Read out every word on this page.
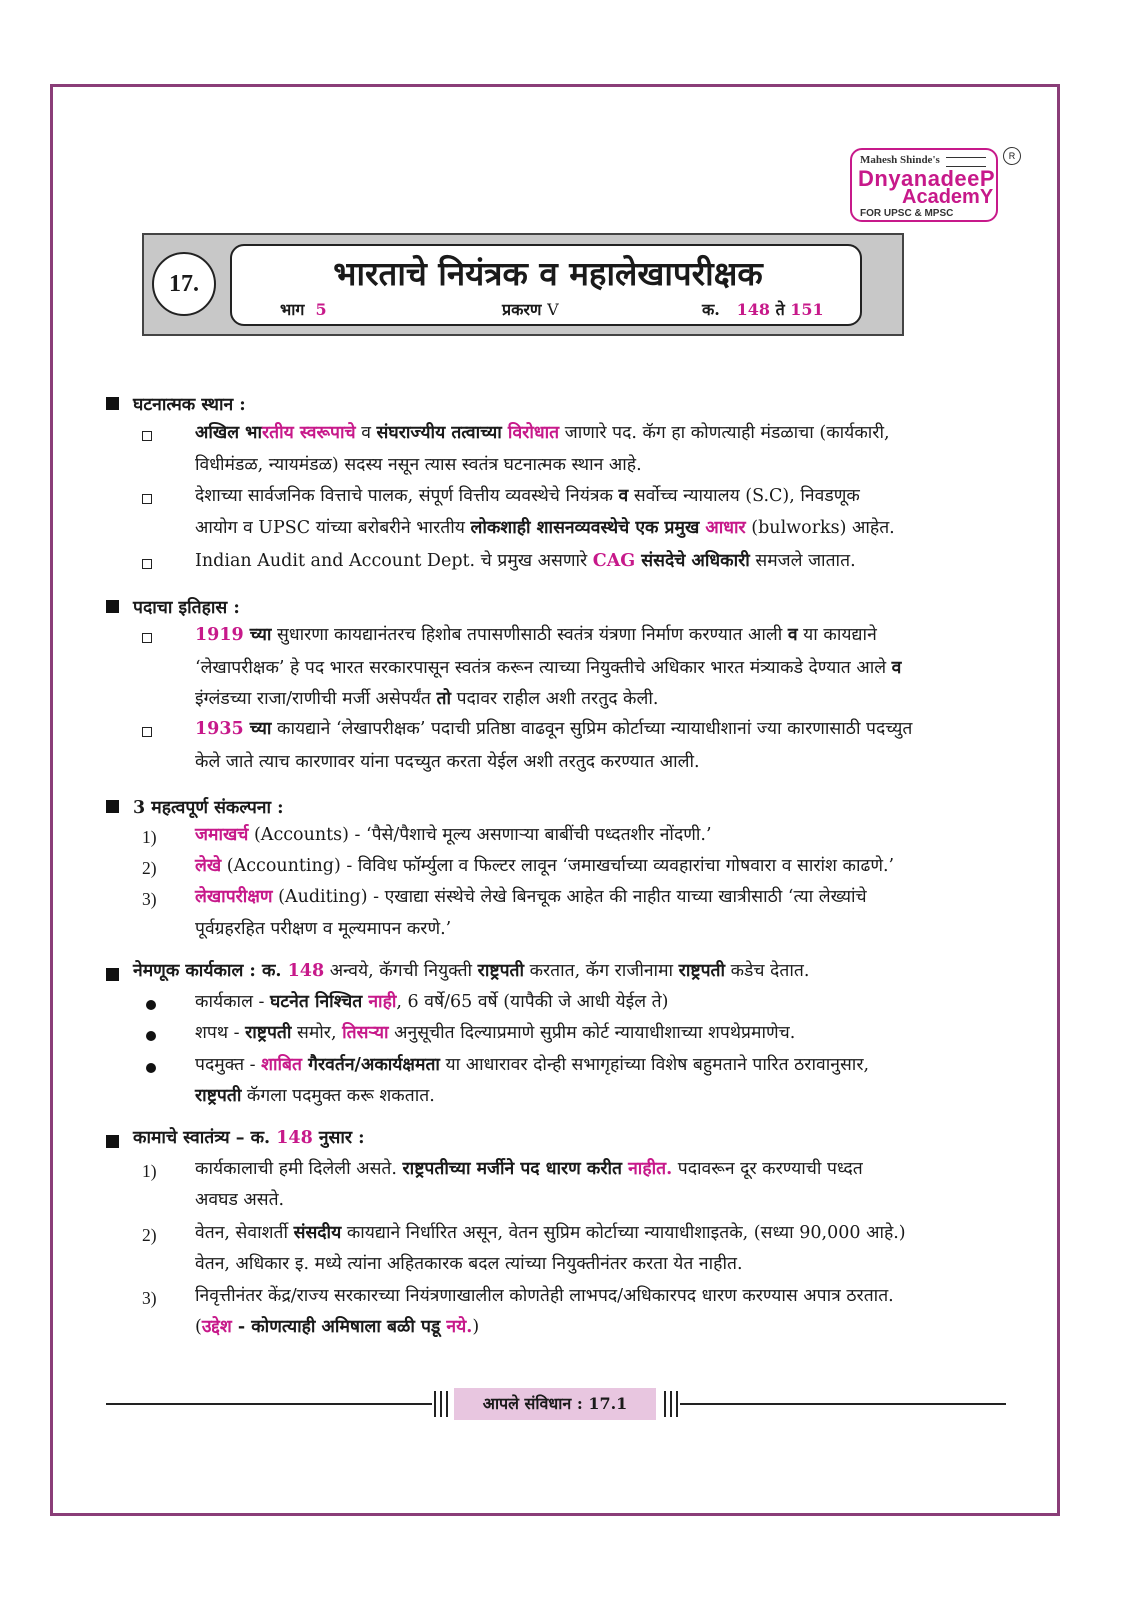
Mahesh Shinde's
DnyanadeeP
AcademY
FOR UPSC & MPSC
R
17.	भारताचे नियंत्रक व महालेखापरीक्षक
भाग 5	प्रकरण V	क. 148 ते 151
घटनात्मक स्थान :
अखिल भारतीय स्वरूपाचे व संघराज्यीय तत्वाच्या विरोधात जाणारे पद. कॅग हा कोणत्याही मंडळाचा (कार्यकारी,
विधीमंडळ, न्यायमंडळ) सदस्य नसून त्यास स्वतंत्र घटनात्मक स्थान आहे.
देशाच्या सार्वजनिक वित्ताचे पालक, संपूर्ण वित्तीय व्यवस्थेचे नियंत्रक व सर्वोच्च न्यायालय (S.C), निवडणूक
आयोग व UPSC यांच्या बरोबरीने भारतीय लोकशाही शासनव्यवस्थेचे एक प्रमुख आधार (bulworks) आहेत.
Indian Audit and Account Dept. चे प्रमुख असणारे CAG संसदेचे अधिकारी समजले जातात.
पदाचा इतिहास :
1919 च्या सुधारणा कायद्यानंतरच हिशोब तपासणीसाठी स्वतंत्र यंत्रणा निर्माण करण्यात आली व या कायद्याने
‘लेखापरीक्षक’ हे पद भारत सरकारपासून स्वतंत्र करून त्याच्या नियुक्तीचे अधिकार भारत मंत्र्याकडे देण्यात आले व
इंग्लंडच्या राजा/राणीची मर्जी असेपर्यंत तो पदावर राहील अशी तरतुद केली.
1935 च्या कायद्याने ‘लेखापरीक्षक’ पदाची प्रतिष्ठा वाढवून सुप्रिम कोर्टाच्या न्यायाधीशानां ज्या कारणासाठी पदच्युत
केले जाते त्याच कारणावर यांना पदच्युत करता येईल अशी तरतुद करण्यात आली.
3 महत्वपूर्ण संकल्पना :
1) जमाखर्च (Accounts) - ‘पैसे/पैशाचे मूल्य असणाऱ्या बाबींची पध्दतशीर नोंदणी.’
2) लेखे (Accounting) - विविध फॉर्म्युला व फिल्टर लावून ‘जमाखर्चाच्या व्यवहारांचा गोषवारा व सारांश काढणे.’
3) लेखापरीक्षण (Auditing) - एखाद्या संस्थेचे लेखे बिनचूक आहेत की नाहीत याच्या खात्रीसाठी ‘त्या लेख्यांचे
पूर्वग्रहरहित परीक्षण व मूल्यमापन करणे.’
नेमणूक कार्यकाल : क. 148 अन्वये, कॅगची नियुक्ती राष्ट्रपती करतात, कॅग राजीनामा राष्ट्रपती कडेच देतात.
कार्यकाल - घटनेत निश्चित नाही, 6 वर्षे/65 वर्षे (यापैकी जे आधी येईल ते)
शपथ - राष्ट्रपती समोर, तिसऱ्या अनुसूचीत दिल्याप्रमाणे सुप्रीम कोर्ट न्यायाधीशाच्या शपथेप्रमाणेच.
पदमुक्त - शाबित गैरवर्तन/अकार्यक्षमता या आधारावर दोन्ही सभागृहांच्या विशेष बहुमताने पारित ठरावानुसार,
राष्ट्रपती कॅगला पदमुक्त करू शकतात.
कामाचे स्वातंत्र्य – क. 148 नुसार :
1) कार्यकालाची हमी दिलेली असते. राष्ट्रपतीच्या मर्जीने पद धारण करीत नाहीत. पदावरून दूर करण्याची पध्दत
अवघड असते.
2) वेतन, सेवाशर्ती संसदीय कायद्याने निर्धारित असून, वेतन सुप्रिम कोर्टाच्या न्यायाधीशाइतके, (सध्या 90,000 आहे.)
वेतन, अधिकार इ. मध्ये त्यांना अहितकारक बदल त्यांच्या नियुक्तीनंतर करता येत नाहीत.
3) निवृत्तीनंतर केंद्र/राज्य सरकारच्या नियंत्रणाखालील कोणतेही लाभपद/अधिकारपद धारण करण्यास अपात्र ठरतात.
(उद्देश - कोणत्याही अमिषाला बळी पडू नये.)
आपले संविधान : 17.1
